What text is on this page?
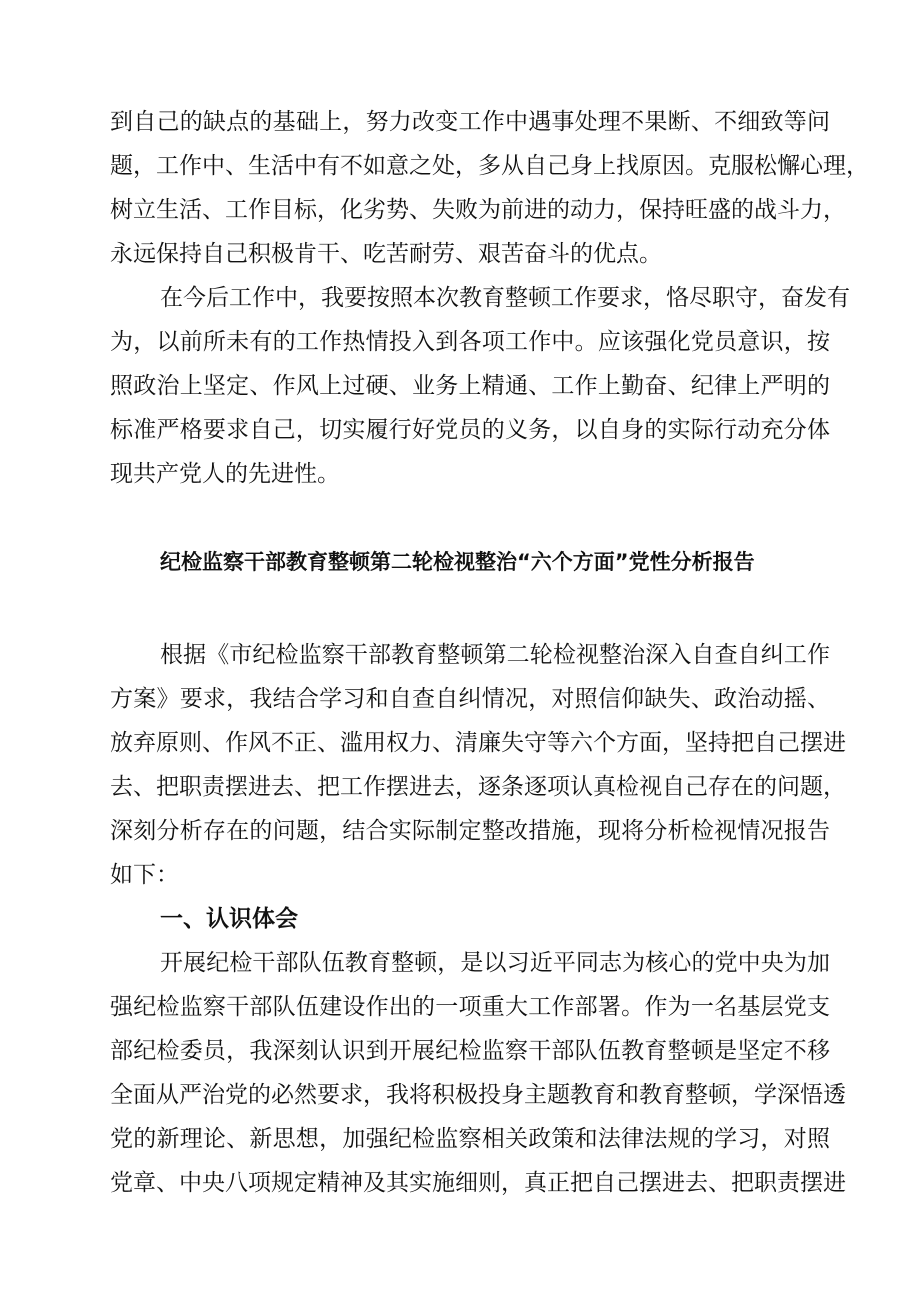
到自己的缺点的基础上，努力改变工作中遇事处理不果断、不细致等问
题，工作中、生活中有不如意之处，多从自己身上找原因。克服松懈心理，
树立生活、工作目标，化劣势、失败为前进的动力，保持旺盛的战斗力，
永远保持自己积极肯干、吃苦耐劳、艰苦奋斗的优点。
在今后工作中，我要按照本次教育整顿工作要求，恪尽职守，奋发有
为，以前所未有的工作热情投入到各项工作中。应该强化党员意识，按
照政治上坚定、作风上过硬、业务上精通、工作上勤奋、纪律上严明的
标准严格要求自己，切实履行好党员的义务，以自身的实际行动充分体
现共产党人的先进性。
纪检监察干部教育整顿第二轮检视整治“六个方面”党性分析报告
根据《市纪检监察干部教育整顿第二轮检视整治深入自查自纠工作
方案》要求，我结合学习和自查自纠情况，对照信仰缺失、政治动摇、
放弃原则、作风不正、滥用权力、清廉失守等六个方面，坚持把自己摆进
去、把职责摆进去、把工作摆进去，逐条逐项认真检视自己存在的问题，
深刻分析存在的问题，结合实际制定整改措施，现将分析检视情况报告
如下：
一、认识体会
开展纪检干部队伍教育整顿，是以习近平同志为核心的党中央为加
强纪检监察干部队伍建设作出的一项重大工作部署。作为一名基层党支
部纪检委员，我深刻认识到开展纪检监察干部队伍教育整顿是坚定不移
全面从严治党的必然要求，我将积极投身主题教育和教育整顿，学深悟透
党的新理论、新思想，加强纪检监察相关政策和法律法规的学习，对照
党章、中央八项规定精神及其实施细则，真正把自己摆进去、把职责摆进
